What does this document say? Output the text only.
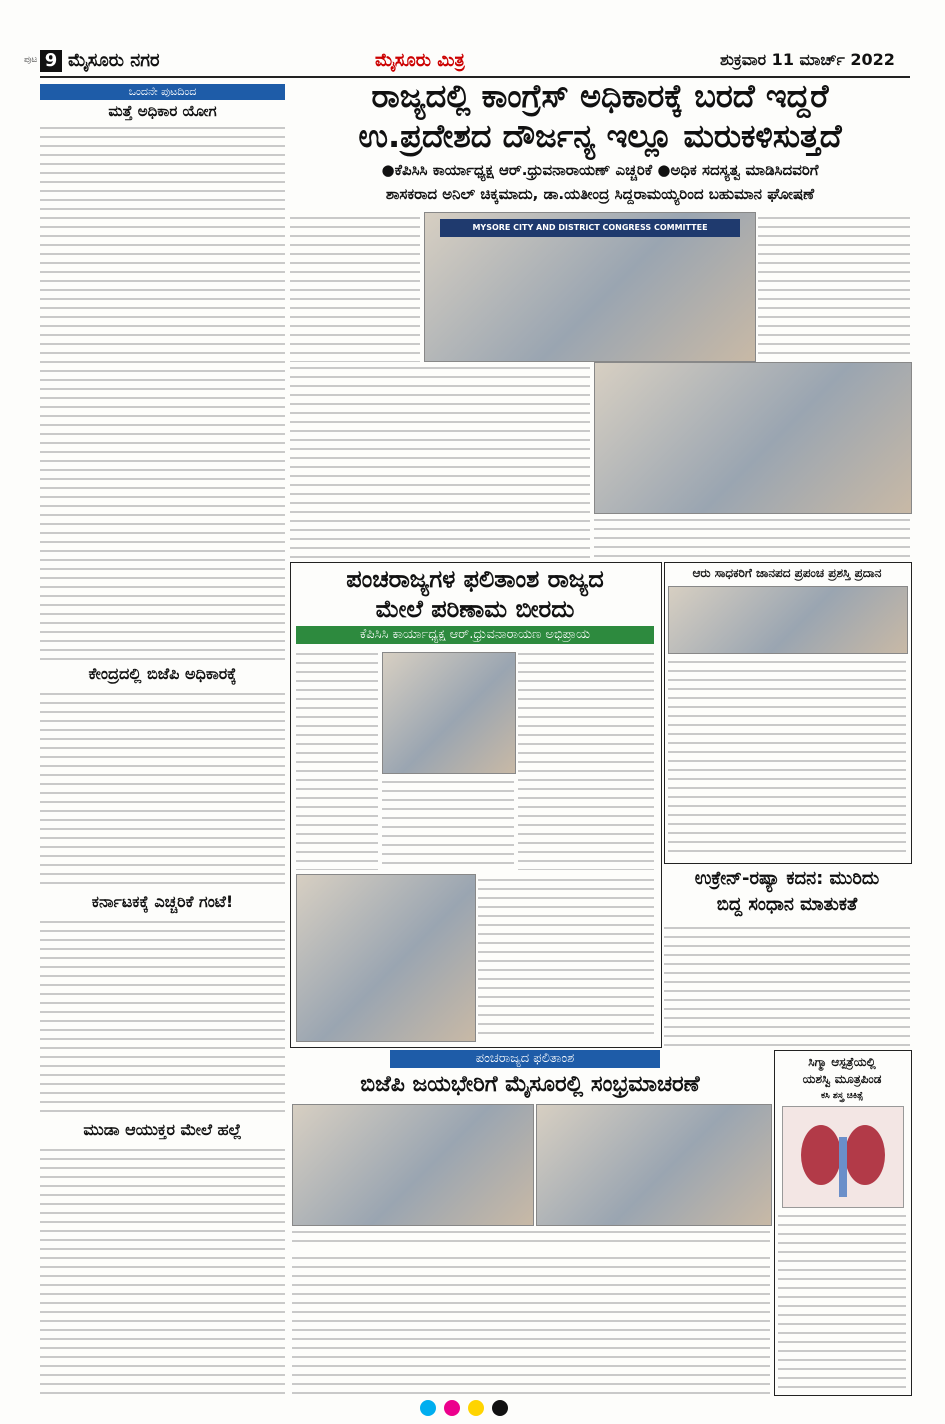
ಪುಟ 9 ಮೈಸೂರು ನಗರ	ಮೈಸೂರು ಮಿತ್ರ	ಶುಕ್ರವಾರ 11 ಮಾರ್ಚ್ 2022
ಒಂದನೇ ಪುಟದಿಂದ
ಮತ್ತೆ ಅಧಿಕಾರ ಯೋಗ
ಕೇಂದ್ರದಲ್ಲಿ ಬಿಜೆಪಿ ಅಧಿಕಾರಕ್ಕೆ
ಕರ್ನಾಟಕಕ್ಕೆ ಎಚ್ಚರಿಕೆ ಗಂಟೆ!
ಮುಡಾ ಆಯುಕ್ತರ ಮೇಲೆ ಹಲ್ಲೆ
ರಾಜ್ಯದಲ್ಲಿ ಕಾಂಗ್ರೆಸ್ ಅಧಿಕಾರಕ್ಕೆ ಬರದೆ ಇದ್ದರೆ
ಉ.ಪ್ರದೇಶದ ದೌರ್ಜನ್ಯ ಇಲ್ಲೂ ಮರುಕಳಿಸುತ್ತದೆ
●ಕೆಪಿಸಿಸಿ ಕಾರ್ಯಾಧ್ಯಕ್ಷ ಆರ್.ಧ್ರುವನಾರಾಯಣ್ ಎಚ್ಚರಿಕೆ ●ಅಧಿಕ ಸದಸ್ಯತ್ವ ಮಾಡಿಸಿದವರಿಗೆ
ಶಾಸಕರಾದ ಅನಿಲ್ ಚಿಕ್ಕಮಾದು, ಡಾ.ಯತೀಂದ್ರ ಸಿದ್ದರಾಮಯ್ಯರಿಂದ ಬಹುಮಾನ ಘೋಷಣೆ
MYSORE CITY AND DISTRICT CONGRESS COMMITTEE
ಪಂಚರಾಜ್ಯಗಳ ಫಲಿತಾಂಶ ರಾಜ್ಯದ
ಮೇಲೆ ಪರಿಣಾಮ ಬೀರದು
ಕೆಪಿಸಿಸಿ ಕಾರ್ಯಾಧ್ಯಕ್ಷ ಆರ್.ಧ್ರುವನಾರಾಯಣ ಅಭಿಪ್ರಾಯ
ಆರು ಸಾಧಕರಿಗೆ ಜಾನಪದ ಪ್ರಪಂಚ ಪ್ರಶಸ್ತಿ ಪ್ರದಾನ
ಉಕ್ರೇನ್-ರಷ್ಯಾ ಕದನ: ಮುರಿದು
ಬಿದ್ದ ಸಂಧಾನ ಮಾತುಕತೆ
ಪಂಚರಾಜ್ಯದ ಫಲಿತಾಂಶ
ಬಿಜೆಪಿ ಜಯಭೇರಿಗೆ ಮೈಸೂರಲ್ಲಿ ಸಂಭ್ರಮಾಚರಣೆ
ಸಿಗ್ಮಾ ಆಸ್ಪತ್ರೆಯಲ್ಲಿ
ಯಶಸ್ವಿ ಮೂತ್ರಪಿಂಡ
ಕಸಿ ಶಸ್ತ್ರ ಚಿಕಿತ್ಸೆ
